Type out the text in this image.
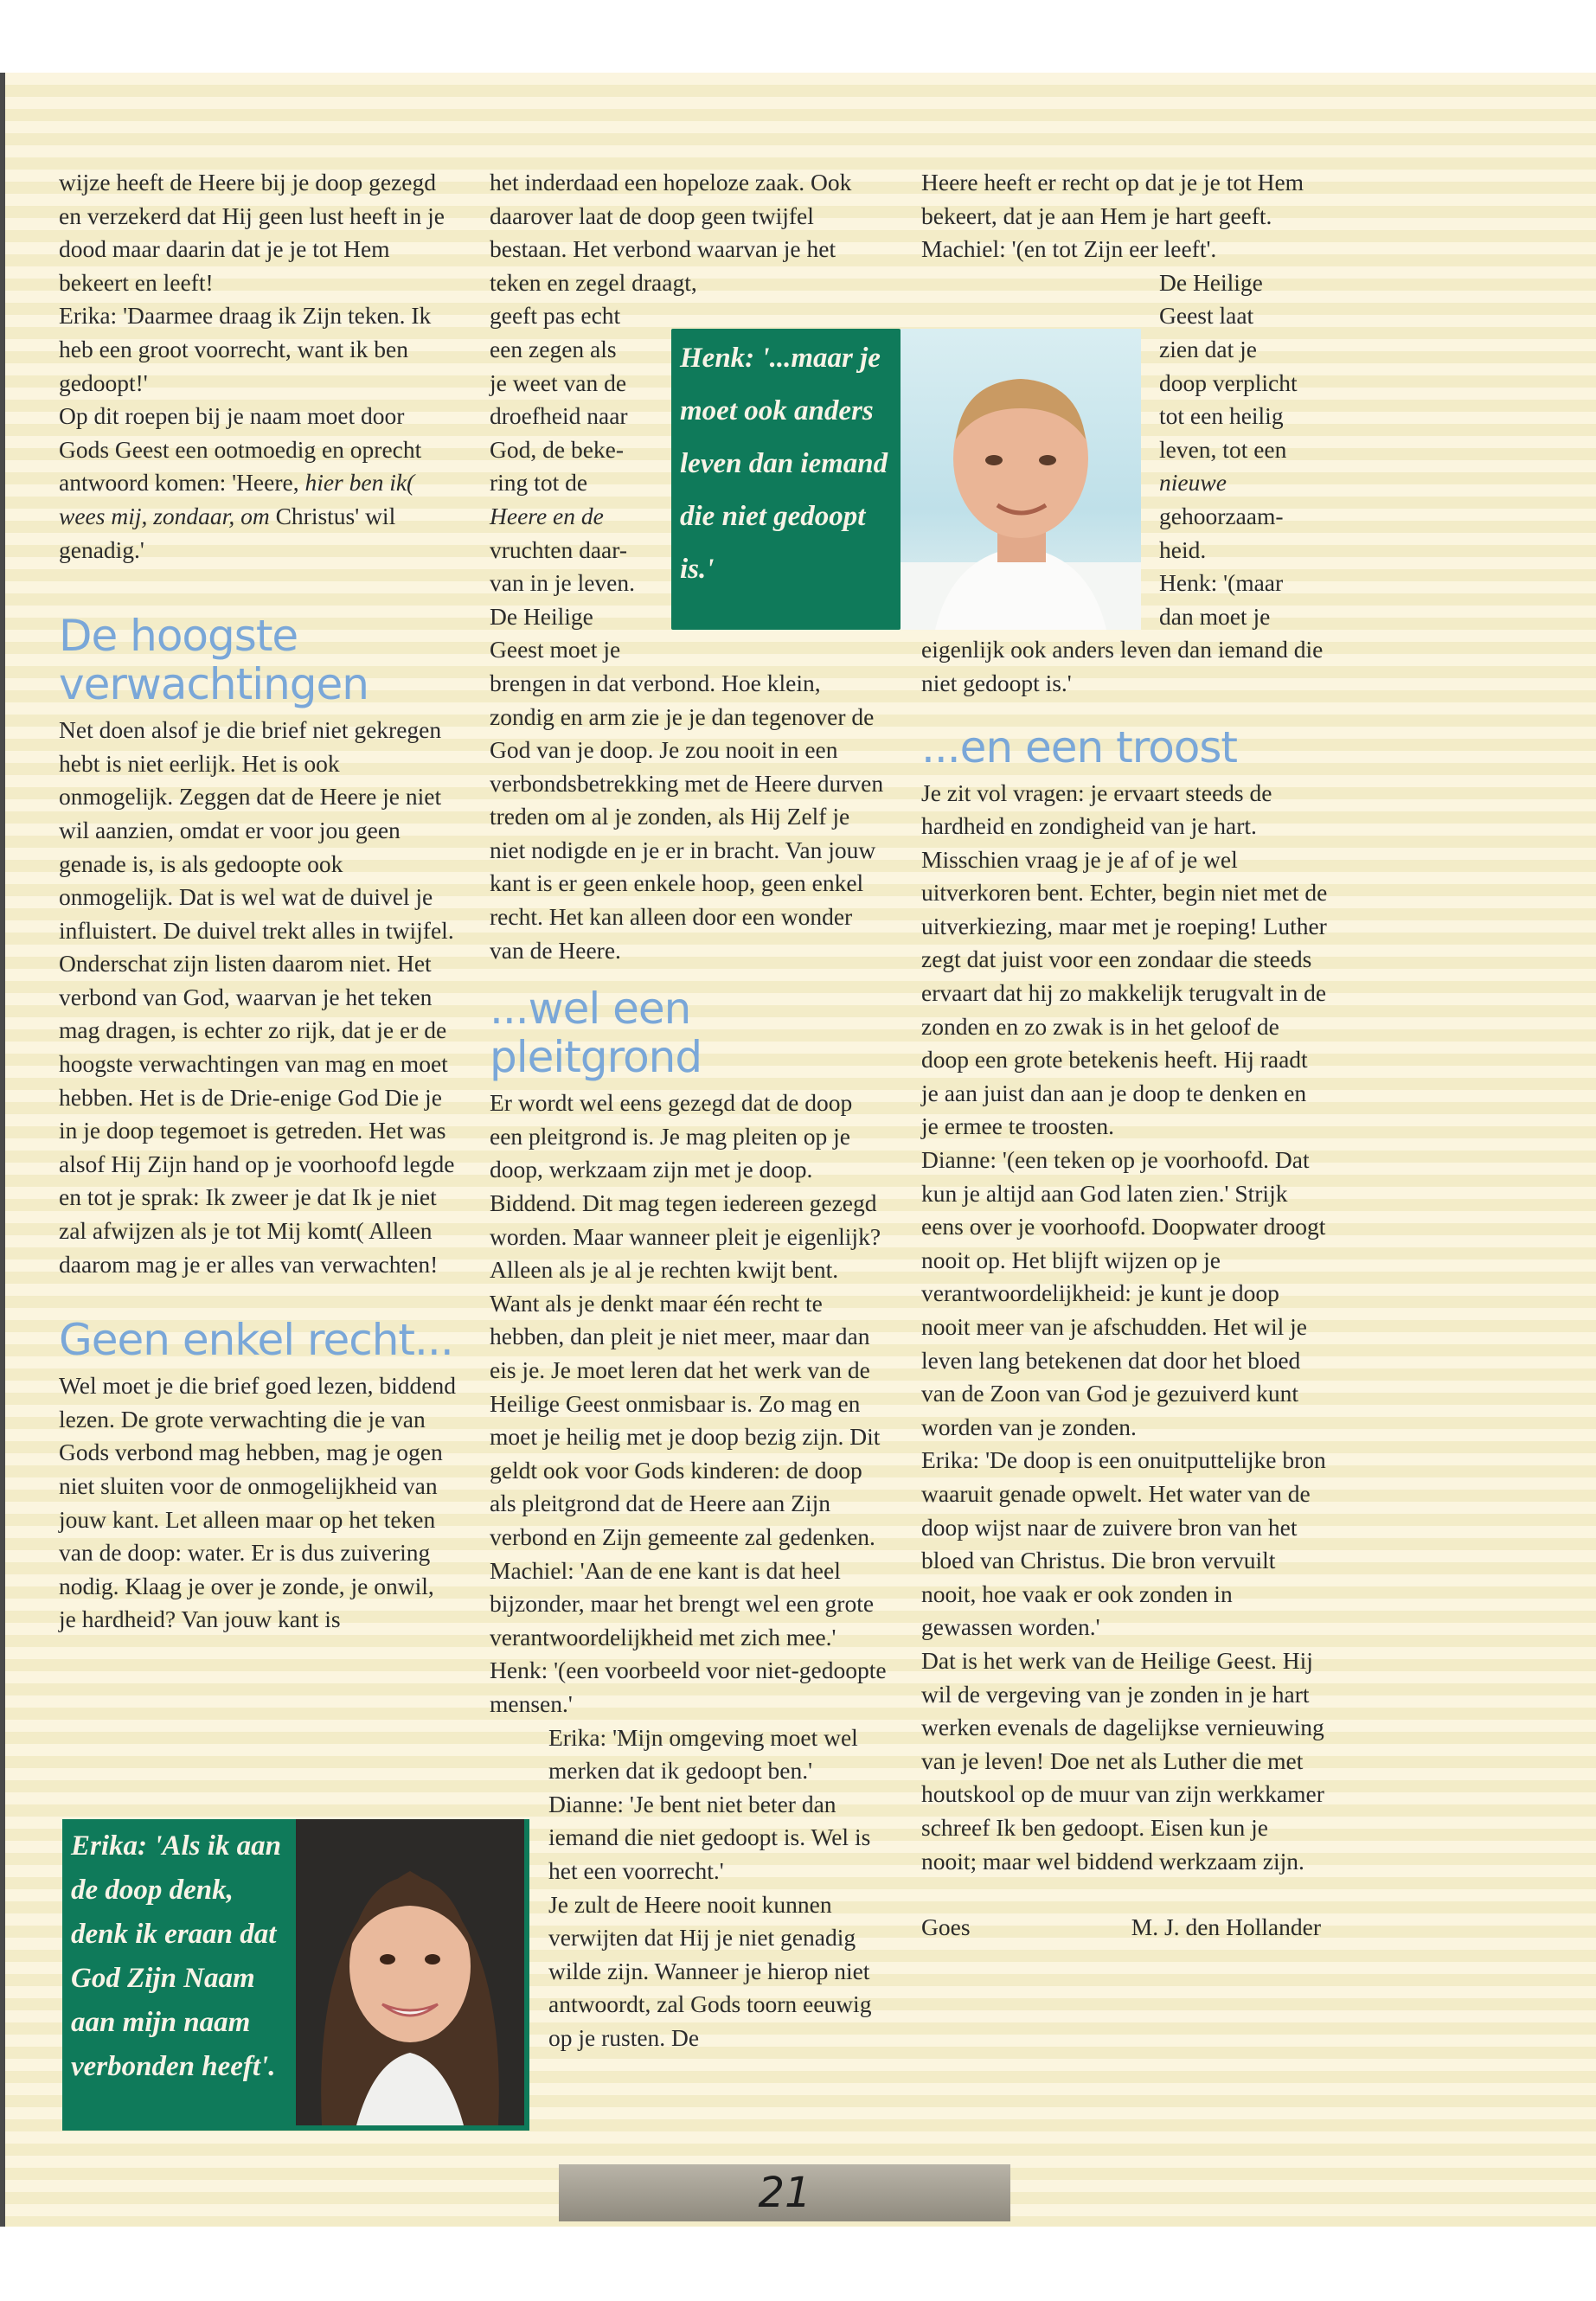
wijze heeft de Heere bij je doop gezegd en verzekerd dat Hij geen lust heeft in je dood maar daarin dat je je tot Hem bekeert en leeft!

Erika: 'Daarmee draag ik Zijn teken. Ik heb een groot voorrecht, want ik ben gedoopt!'

Op dit roepen bij je naam moet door Gods Geest een ootmoedig en oprecht antwoord komen: 'Heere, hier ben ik( wees mij, zondaar, om Christus' wil genadig.'

De hoogste verwachtingen

Net doen alsof je die brief niet gekregen hebt is niet eerlijk. Het is ook onmogelijk. Zeggen dat de Heere je niet wil aanzien, omdat er voor jou geen genade is, is als gedoopte ook onmogelijk. Dat is wel wat de duivel je influistert. De duivel trekt alles in twijfel. Onderschat zijn listen daarom niet. Het verbond van God, waarvan je het teken mag dragen, is echter zo rijk, dat je er de hoogste verwachtingen van mag en moet hebben. Het is de Drie-enige God Die je in je doop tegemoet is getreden. Het was alsof Hij Zijn hand op je voorhoofd legde en tot je sprak: Ik zweer je dat Ik je niet zal afwijzen als je tot Mij komt( Alleen daarom mag je er alles van verwachten!

Geen enkel recht...

Wel moet je die brief goed lezen, biddend lezen. De grote verwachting die je van Gods verbond mag hebben, mag je ogen niet sluiten voor de onmogelijkheid van jouw kant. Let alleen maar op het teken van de doop: water. Er is dus zuivering nodig. Klaag je over je zonde, je onwil, je hardheid? Van jouw kant is

het inderdaad een hopeloze zaak. Ook daarover laat de doop geen twijfel bestaan. Het verbond waarvan je het teken en zegel draagt,

geeft pas echt
een zegen als
je weet van de
droefheid naar
God, de beke-
ring tot de
Heere en de
vruchten daar-
van in je leven.
De Heilige
Geest moet je

brengen in dat verbond. Hoe klein, zondig en arm zie je je dan tegenover de God van je doop. Je zou nooit in een verbondsbetrekking met de Heere durven treden om al je zonden, als Hij Zelf je niet nodigde en je er in bracht. Van jouw kant is er geen enkele hoop, geen enkel recht. Het kan alleen door een wonder van de Heere.

...wel een pleitgrond

Er wordt wel eens gezegd dat de doop een pleitgrond is. Je mag pleiten op je doop, werkzaam zijn met je doop. Biddend. Dit mag tegen iedereen gezegd worden. Maar wanneer pleit je eigenlijk? Alleen als je al je rechten kwijt bent. Want als je denkt maar één recht te hebben, dan pleit je niet meer, maar dan eis je. Je moet leren dat het werk van de Heilige Geest onmisbaar is. Zo mag en moet je heilig met je doop bezig zijn. Dit geldt ook voor Gods kinderen: de doop als pleitgrond dat de Heere aan Zijn verbond en Zijn gemeente zal gedenken.

Machiel: 'Aan de ene kant is dat heel bijzonder, maar het brengt wel een grote verantwoordelijkheid met zich mee.'

Henk: '(een voorbeeld voor niet-gedoopte mensen.'

Erika: 'Mijn omgeving moet wel merken dat ik gedoopt ben.'

Dianne: 'Je bent niet beter dan iemand die niet gedoopt is. Wel is het een voorrecht.'

Je zult de Heere nooit kunnen verwijten dat Hij je niet genadig wilde zijn. Wanneer je hierop niet antwoordt, zal Gods toorn eeuwig op je rusten. De

Heere heeft er recht op dat je je tot Hem bekeert, dat je aan Hem je hart geeft.

Machiel: '(en tot Zijn eer leeft'.

De Heilige
Geest laat
zien dat je
doop verplicht
tot een heilig
leven, tot een
nieuwe
gehoorzaam-
heid.
Henk: '(maar
dan moet je

eigenlijk ook anders leven dan iemand die niet gedoopt is.'

...en een troost

Je zit vol vragen: je ervaart steeds de hardheid en zondigheid van je hart. Misschien vraag je je af of je wel uitverkoren bent. Echter, begin niet met de uitverkiezing, maar met je roeping! Luther zegt dat juist voor een zondaar die steeds ervaart dat hij zo makkelijk terugvalt in de zonden en zo zwak is in het geloof de doop een grote betekenis heeft. Hij raadt je aan juist dan aan je doop te denken en je ermee te troosten.

Dianne: '(een teken op je voorhoofd. Dat kun je altijd aan God laten zien.' Strijk eens over je voorhoofd. Doopwater droogt nooit op. Het blijft wijzen op je verantwoordelijkheid: je kunt je doop nooit meer van je afschudden. Het wil je leven lang betekenen dat door het bloed van de Zoon van God je gezuiverd kunt worden van je zonden.

Erika: 'De doop is een onuitputtelijke bron waaruit genade opwelt. Het water van de doop wijst naar de zuivere bron van het bloed van Christus. Die bron vervuilt nooit, hoe vaak er ook zonden in gewassen worden.'

Dat is het werk van de Heilige Geest. Hij wil de vergeving van je zonden in je hart werken evenals de dagelijkse vernieuwing van je leven! Doe net als Luther die met houtskool op de muur van zijn werkkamer schreef Ik ben gedoopt. Eisen kun je nooit; maar wel biddend werkzaam zijn.

Goes	M. J. den Hollander
Henk: '...maar je moet ook anders leven dan iemand die niet gedoopt is.'
Erika: 'Als ik aan de doop denk, denk ik eraan dat God Zijn Naam aan mijn naam verbonden heeft'.
21
